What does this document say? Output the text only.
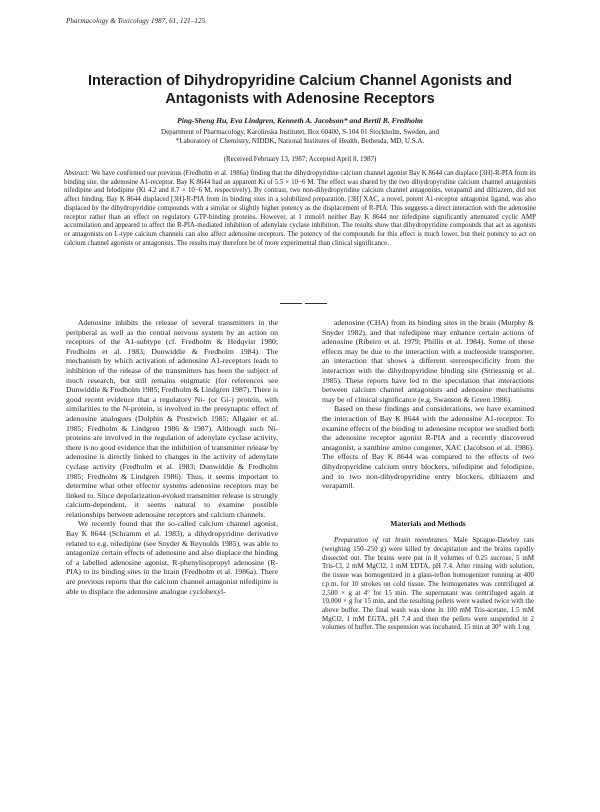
Pharmacology & Toxicology 1987, 61, 121–125.
Interaction of Dihydropyridine Calcium Channel Agonists and Antagonists with Adenosine Receptors
Ping-Sheng Hu, Eva Lindgren, Kenneth A. Jacobson* and Bertil B. Fredholm
Department of Pharmacology, Karolinska Institutet, Box 60400, S-104 01 Stockholm, Sweden, and
*Laboratory of Chemistry, NIDDK, National Institutes of Health, Bethesda, MD, U.S.A.
(Received February 13, 1987; Accepted April 8, 1987)
Abstract: We have confirmed our previous (Fredholm et al. 1986a) finding that the dihydropyridine calcium channel agonist Bay K 8644 can displace [3H]-R-PIA from its binding site, the adenosine A1-receptor. Bay K 8644 had an apparent Ki of 5.5 × 10−6 M. The effect was shared by the two dihydropyridine calcium channel antagonists nifedipine and felodipine (Ki 4.2 and 8.7 × 10−6 M, respectively). By contrast, two non-dihydropyridine calcium channel antagonists, verapamil and diltiazem, did not affect binding. Bay K 8644 displaced [3H]-R-PIA from its binding sites in a solubilized preparation. [3H] XAC, a novel, potent A1-receptor antagonist ligand, was also displaced by the dihydropyridine compounds with a similar or slightly higher potency as the displacement of R-PIA. This suggests a direct interaction with the adenosine receptor rather than an effect on regulatory GTP-binding proteins. However, at 1 mmol/l neither Bay K 8644 nor nifedipine significantly attenuated cyclic AMP accumulation and appeared to affect the R-PIA-mediated inhibition of adenylate cyclase inhibition. The results show that dihydropyridine compounds that act as agonists or antagonists on L-type calcium channels can also affect adenosine receptors. The potency of the compounds for this effect is much lower, but their potency to act on calcium channel agonists or antagonists. The results may therefore be of more experimental than clinical significance.

Adenosine inhibits the release of several transmitters in the peripheral as well as the central nervous system by an action on receptors of the A1-subtype (cf. Fredholm & Hedqvist 1980; Fredholm et al. 1983; Dunwiddie & Fredholm 1984). The mechanism by which activation of adenosine A1-receptors leads to inhibition of the release of the transmitters has been the subject of much research, but still remains enigmatic (for references see Dunwiddie & Fredholm 1985; Fredholm & Lindgren 1987). There is good recent evidence that a regulatory Ni- (or Gi-) protein, with similarities to the N-protein, is involved in the presynaptic effect of adenosine analogues (Dolphin & Prestwich 1985; Allgaier et al. 1985; Fredholm & Lindgren 1986 & 1987). Although such Ni-proteins are involved in the regulation of adenylate cyclase activity, there is no good evidence that the inhibition of transmitter release by adenosine is directly linked to changes in the activity of adenylate cyclase activity (Fredholm et al. 1983; Dunwiddie & Fredholm 1985; Fredholm & Lindgren 1986). Thus, it seems important to determine what other effector systems adenosine receptors may be linked to. Since depolarization-evoked transmitter release is strongly calcium-dependent, it seems natural to examine possible relationships between adenosine receptors and calcium channels.

We recently found that the so-called calcium channel agonist, Bay K 8644 (Schramm et al. 1983), a dihydropyridine derivative related to e.g. nifedipine (see Snyder & Reynolds 1985), was able to antagonize certain effects of adenosine and also displace the binding of a labelled adenosine agonist, R-phenylisopropyl adenosine (R-PIA) to its binding sites in the brain (Fredholm et al. 1986a). There are previous reports that the calcium channel antagonist nifedipine is able to displace the adenosine analogue cyclohexyl-

adenosine (CHA) from its binding sites in the brain (Murphy & Snyder 1982), and that nifedipine may enhance certain actions of adenosine (Ribeiro et al. 1979; Phillis et al. 1984). Some of these effects may be due to the interaction with a nucleoside transporter, an interaction that shows a different stereospecificity from the interaction with the dihydropyridine binding site (Striessnig et al. 1985). These reports have led to the speculation that interactions between calcium channel antagonists and adenosine mechanisms may be of clinical significance (e.g. Swanson & Green 1986).

Based on these findings and considerations, we have examined the interaction of Bay K 8644 with the adenosine A1-receptor. To examine effects of the binding to adenosine receptor we studied both the adenosine receptor agonist R-PIA and a recently discovered antagonist, a xanthine amino congener, XAC (Jacobson et al. 1986). The effects of Bay K 8644 was compared to the effects of two dihydropyridine calcium entry blockers, nifedipine and felodipine, and to two non-dihydropyridine entry blockers, diltiazem and verapamil.

Materials and Methods
Preparation of rat brain membranes. Male Sprague-Dawley rats (weighing 150–250 g) were killed by decapitation and the brains rapidly dissected out. The brains were put in 8 volumes of 0.25 sucrose, 5 mM Tris-Cl, 2 mM MgCl2, 1 mM EDTA, pH 7.4. After rinsing with solution, the tissue was homogenized in a glass-teflon homogenizer running at 400 r.p.m. for 10 strokes on cold tissue. The homogenates was centrifuged at 2,500 × g at 4° for 15 min. The supernatant was centrifuged again at 10,000 × g for 15 min, and the resulting pellets were washed twice with the above buffer. The final wash was done in 100 mM Tris-acetate, 1.5 mM MgCl2, 1 mM EGTA, pH 7.4 and then the pellets were suspended in 2 volumes of buffer. The suspension was incubated, 15 min at 30° with 1 ng
